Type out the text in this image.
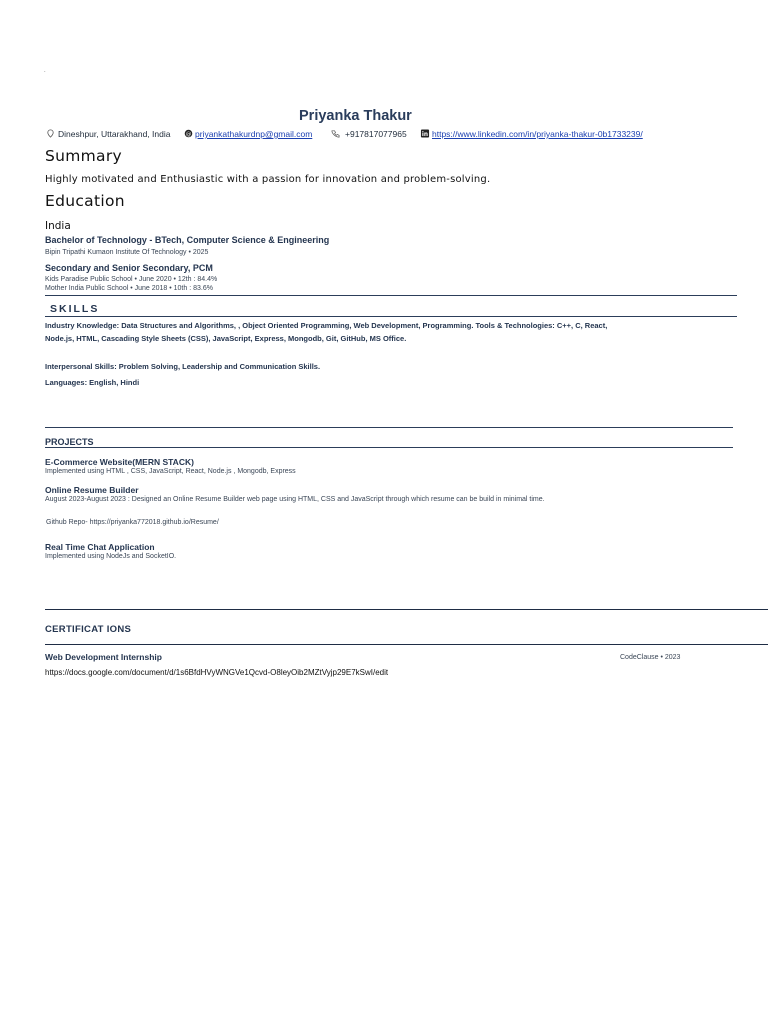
.
Priyanka Thakur
Dineshpur, Uttarakhand, India	@ priyankathakurdnp@gmail.com	+917817077965 in https://www.linkedin.com/in/priyanka-thakur-0b1733239/
Summary
Highly motivated and Enthusiastic with a passion for innovation and problem-solving.
Education
India
Bachelor of Technology - BTech, Computer Science & Engineering
Bipin Tripathi Kumaon Institute Of Technology • 2025
Secondary and Senior Secondary, PCM
Kids Paradise Public School • June 2020 • 12th : 84.4%
Mother India Public School • June 2018 • 10th : 83.6%
SKILLS
Industry Knowledge: Data Structures and Algorithms, , Object Oriented Programming, Web Development, Programming. Tools & Technologies: C++, C, React,
Node.js, HTML, Cascading Style Sheets (CSS), JavaScript, Express, Mongodb, Git, GitHub, MS Office.
Interpersonal Skills: Problem Solving, Leadership and Communication Skills.
Languages: English, Hindi
PROJECTS
E-Commerce Website(MERN STACK)
Implemented using HTML , CSS, JavaScript, React, Node.js , Mongodb, Express
Online Resume Builder
August 2023-August 2023 : Designed an Online Resume Builder web page using HTML, CSS and JavaScript through which resume can be build in minimal time.
Github Repo- https://priyanka772018.github.io/Resume/
Real Time Chat Application
Implemented using NodeJs and SocketIO.
CERTIFICAT IONS
Web Development Internship	CodeClause • 2023
https://docs.google.com/document/d/1s6BfdHVyWNGVe1Qcvd-O8leyOib2MZtVyjp29E7kSwI/edit
